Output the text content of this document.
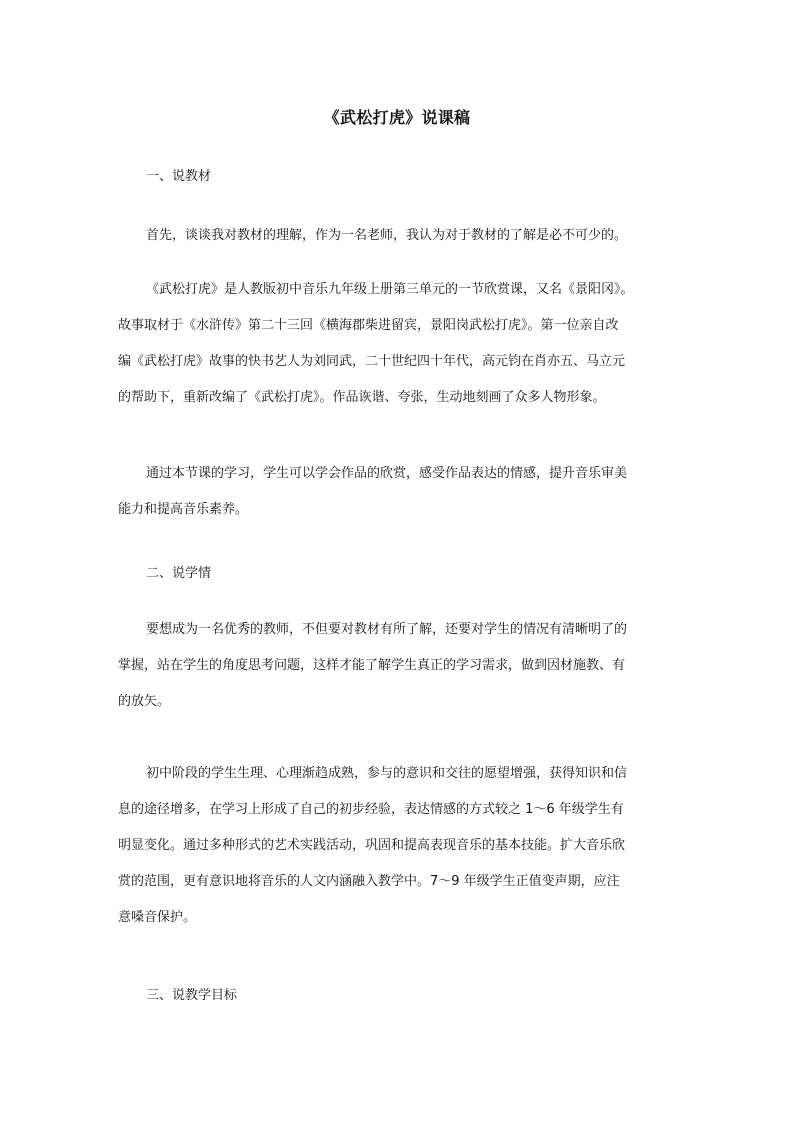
《武松打虎》说课稿
一、说教材
首先，谈谈我对教材的理解，作为一名老师，我认为对于教材的了解是必不可少的。
《武松打虎》是人教版初中音乐九年级上册第三单元的一节欣赏课，又名《景阳冈》。
故事取材于《水浒传》第二十三回《横海郡柴进留宾，景阳岗武松打虎》。第一位亲自改
编《武松打虎》故事的快书艺人为刘同武，二十世纪四十年代，高元钧在肖亦五、马立元
的帮助下，重新改编了《武松打虎》。作品诙谐、夸张，生动地刻画了众多人物形象。
通过本节课的学习，学生可以学会作品的欣赏，感受作品表达的情感，提升音乐审美
能力和提高音乐素养。
二、说学情
要想成为一名优秀的教师，不但要对教材有所了解，还要对学生的情况有清晰明了的
掌握，站在学生的角度思考问题，这样才能了解学生真正的学习需求，做到因材施教、有
的放矢。
初中阶段的学生生理、心理渐趋成熟，参与的意识和交往的愿望增强，获得知识和信
息的途径增多，在学习上形成了自己的初步经验，表达情感的方式较之 1～6 年级学生有
明显变化。通过多种形式的艺术实践活动，巩固和提高表现音乐的基本技能。扩大音乐欣
赏的范围，更有意识地将音乐的人文内涵融入教学中。7～9 年级学生正值变声期，应注
意嗓音保护。
三、说教学目标
